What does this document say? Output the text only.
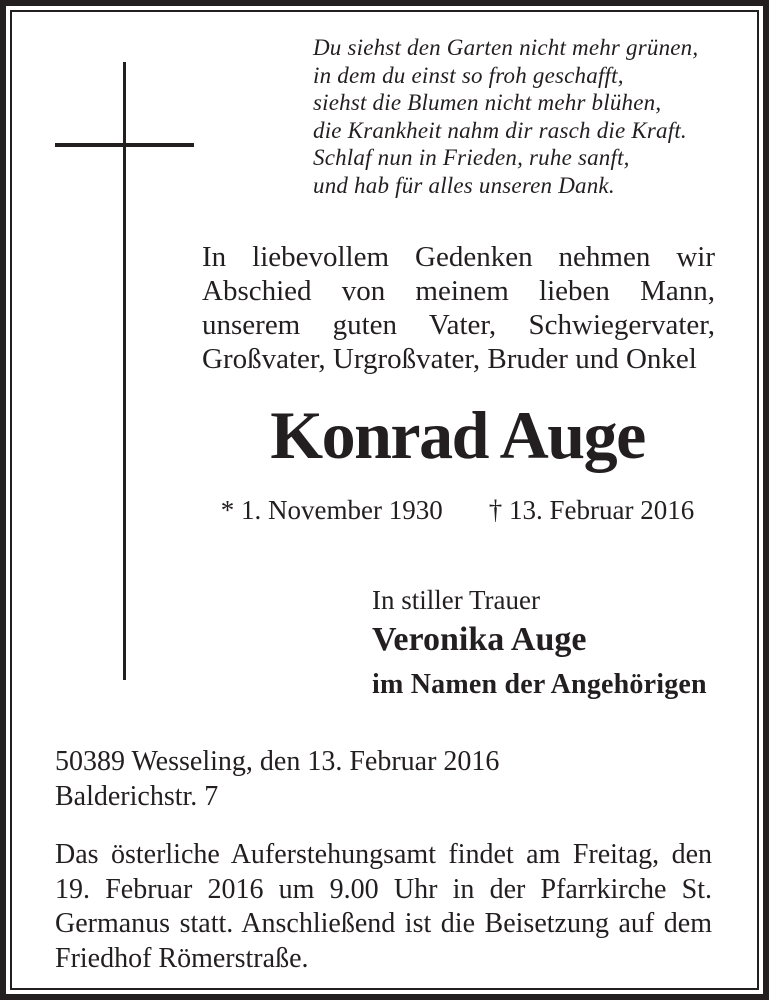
Du siehst den Garten nicht mehr grünen,
in dem du einst so froh geschafft,
siehst die Blumen nicht mehr blühen,
die Krankheit nahm dir rasch die Kraft.
Schlaf nun in Frieden, ruhe sanft,
und hab für alles unseren Dank.
In liebevollem Gedenken nehmen wir Abschied von meinem lieben Mann, unserem guten Vater, Schwiegervater, Großvater, Urgroßvater, Bruder und Onkel
Konrad Auge
* 1. November 1930 † 13. Februar 2016
In stiller Trauer
Veronika Auge
im Namen der Angehörigen
50389 Wesseling, den 13. Februar 2016
Balderichstr. 7
Das österliche Auferstehungsamt findet am Freitag, den 19. Februar 2016 um 9.00 Uhr in der Pfarrkirche St. Germanus statt. Anschließend ist die Beisetzung auf dem Friedhof Römerstraße.
